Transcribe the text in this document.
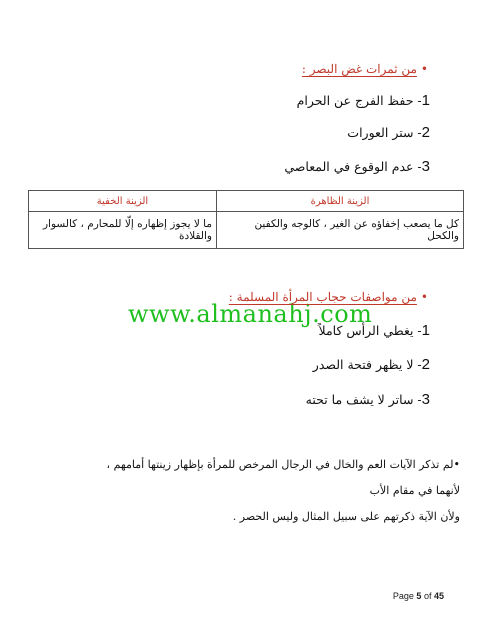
•من ثمرات غض البصر :
1- حفظ الفرج عن الحرام
2- ستر العورات
3- عدم الوقوع في المعاصي
الزينة الظاهرة	الزينة الخفية
كل ما يصعب إخفاؤه عن الغير ، كالوجه والكفين والكحل	ما لا يجوز إظهاره إلّا للمحارم ، كالسوار والقلادة
www.almanahj.com
•من مواصفات حجاب المرأة المسلمة :
1- يغطي الرأس كاملاً
2- لا يظهر فتحة الصدر
3- ساتر لا يشف ما تحته
•لم تذكر الآيات العم والخال في الرجال المرخص للمرأة بإظهار زينتها أمامهم ، لأنهما في مقام الأب
ولأن الآية ذكرتهم على سبيل المثال وليس الحصر .
Page 5 of 45
